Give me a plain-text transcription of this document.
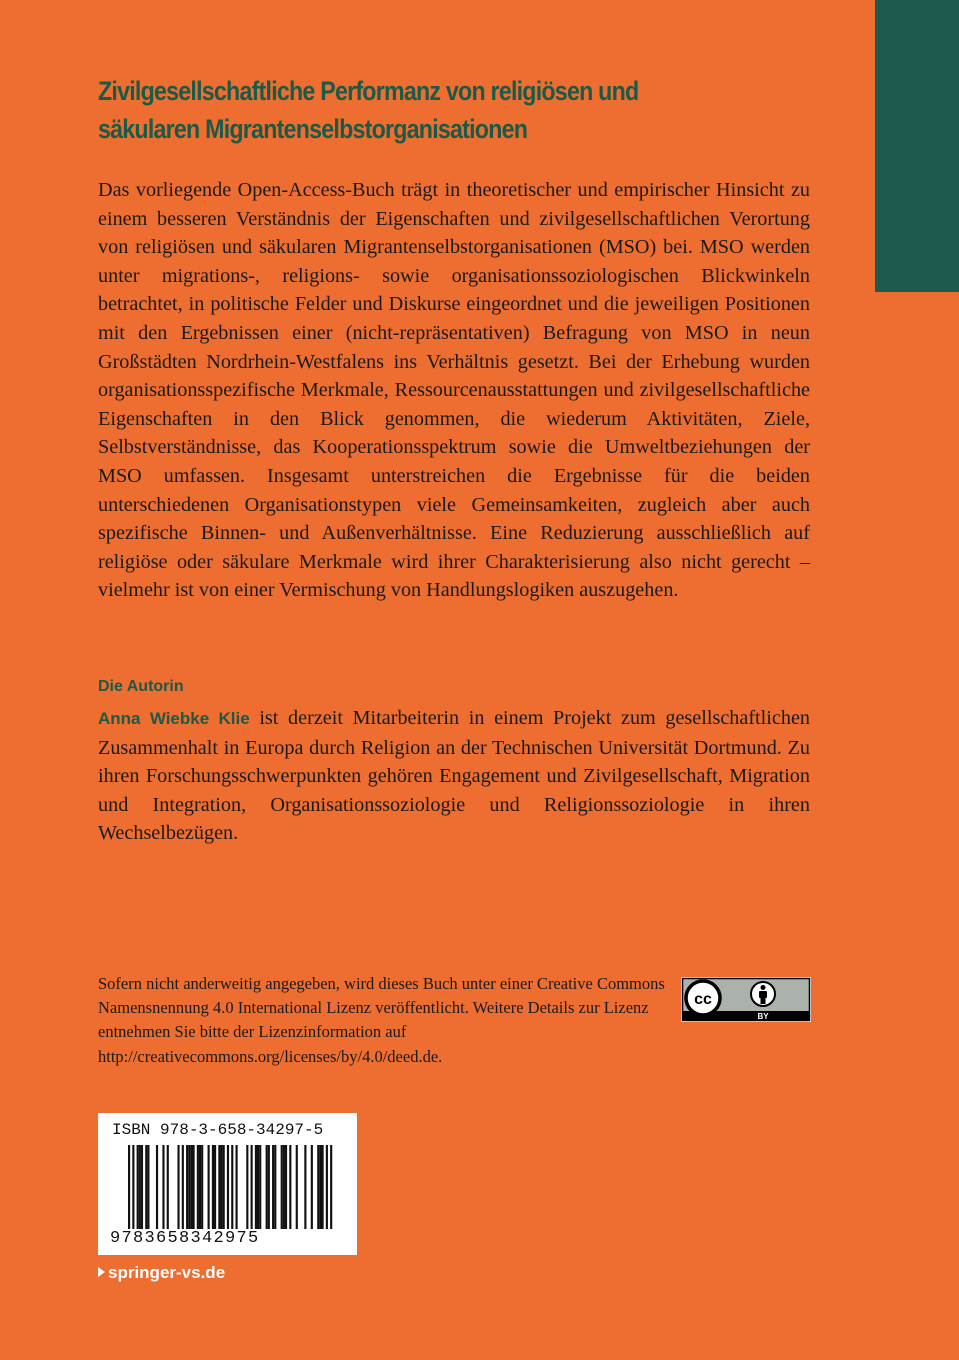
Zivilgesellschaftliche Performanz von religiösen und säkularen Migrantenselbstorganisationen

Das vorliegende Open-Access-Buch trägt in theoretischer und empirischer Hinsicht zu einem besseren Verständnis der Eigenschaften und zivilgesellschaftlichen Verortung von religiösen und säkularen Migrantenselbstorganisationen (MSO) bei. MSO werden unter migrations-, religions- sowie organisationssoziologischen Blickwinkeln betrachtet, in politische Felder und Diskurse eingeordnet und die jeweiligen Positionen mit den Ergebnissen einer (nicht-repräsentativen) Befragung von MSO in neun Großstädten Nordrhein-Westfalens ins Verhältnis gesetzt. Bei der Erhebung wurden organisationsspezifische Merkmale, Ressourcenausstattungen und zivilgesellschaftliche Eigenschaften in den Blick genommen, die wiederum Aktivitäten, Ziele, Selbstverständnisse, das Kooperationsspektrum sowie die Umweltbeziehungen der MSO umfassen. Insgesamt unterstreichen die Ergebnisse für die beiden unterschiedenen Organisationstypen viele Gemeinsamkeiten, zugleich aber auch spezifische Binnen- und Außenverhältnisse. Eine Reduzierung ausschließlich auf religiöse oder säkulare Merkmale wird ihrer Charakterisierung also nicht gerecht – vielmehr ist von einer Vermischung von Handlungslogiken auszugehen.

Die Autorin

Anna Wiebke Klie ist derzeit Mitarbeiterin in einem Projekt zum gesellschaftlichen Zusammenhalt in Europa durch Religion an der Technischen Universität Dortmund. Zu ihren Forschungsschwerpunkten gehören Engagement und Zivilgesellschaft, Migration und Integration, Organisationssoziologie und Religionssoziologie in ihren Wechselbezügen.

Sofern nicht anderweitig angegeben, wird dieses Buch unter einer Creative Commons Namensnennung 4.0 International Lizenz veröffentlicht. Weitere Details zur Lizenz entnehmen Sie bitte der Lizenzinformation auf http://creativecommons.org/licenses/by/4.0/deed.de.

cc
BY

ISBN 978-3-658-34297-5

9783658342975

springer-vs.de
